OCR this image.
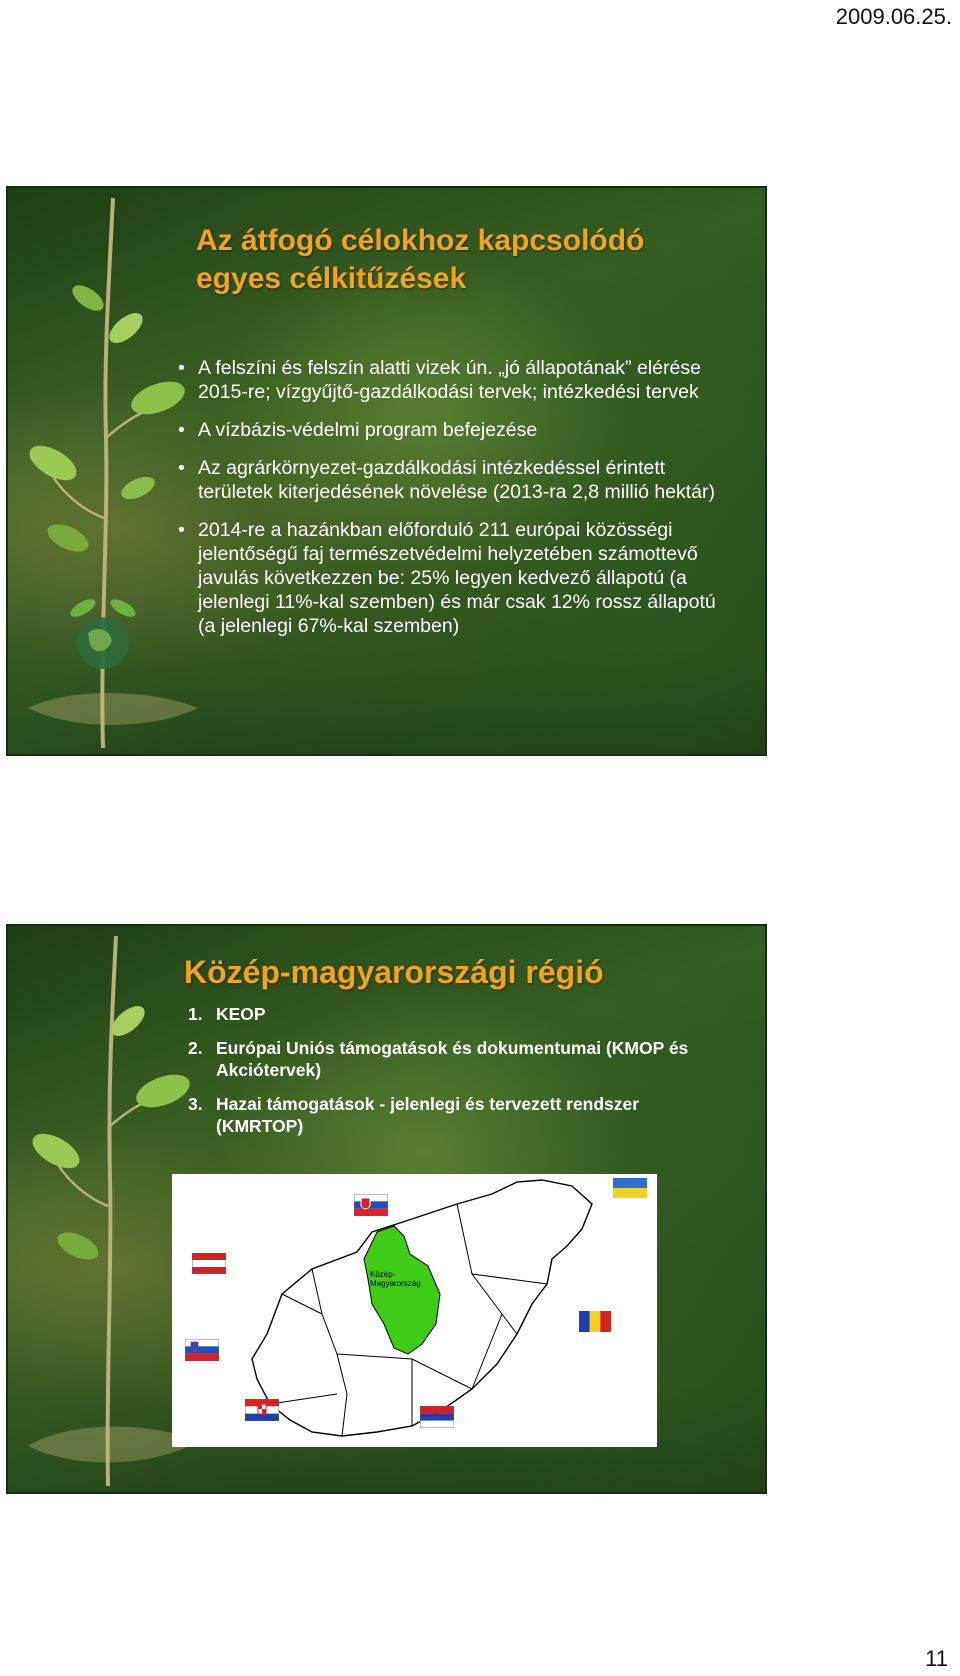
2009.06.25.
Az átfogó célokhoz kapcsolódó egyes célkitűzések
• A felszíni és felszín alatti vizek ún. „jó állapotának” elérése 2015-re; vízgyűjtő-gazdálkodási tervek; intézkedési tervek
• A vízbázis-védelmi program befejezése
• Az agrárkörnyezet-gazdálkodási intézkedéssel érintett területek kiterjedésének növelése (2013-ra 2,8 millió hektár)
• 2014-re a hazánkban előforduló 211 európai közösségi jelentőségű faj természetvédelmi helyzetében számottevő javulás következzen be: 25% legyen kedvező állapotú (a jelenlegi 11%-kal szemben) és már csak 12% rossz állapotú (a jelenlegi 67%-kal szemben)
Közép-magyarországi régió
1. KEOP
2. Európai Uniós támogatások és dokumentumai (KMOP és Akciótervek)
3. Hazai támogatások - jelenlegi és tervezett rendszer (KMRTOP)
Közép-
Magyarország
11
